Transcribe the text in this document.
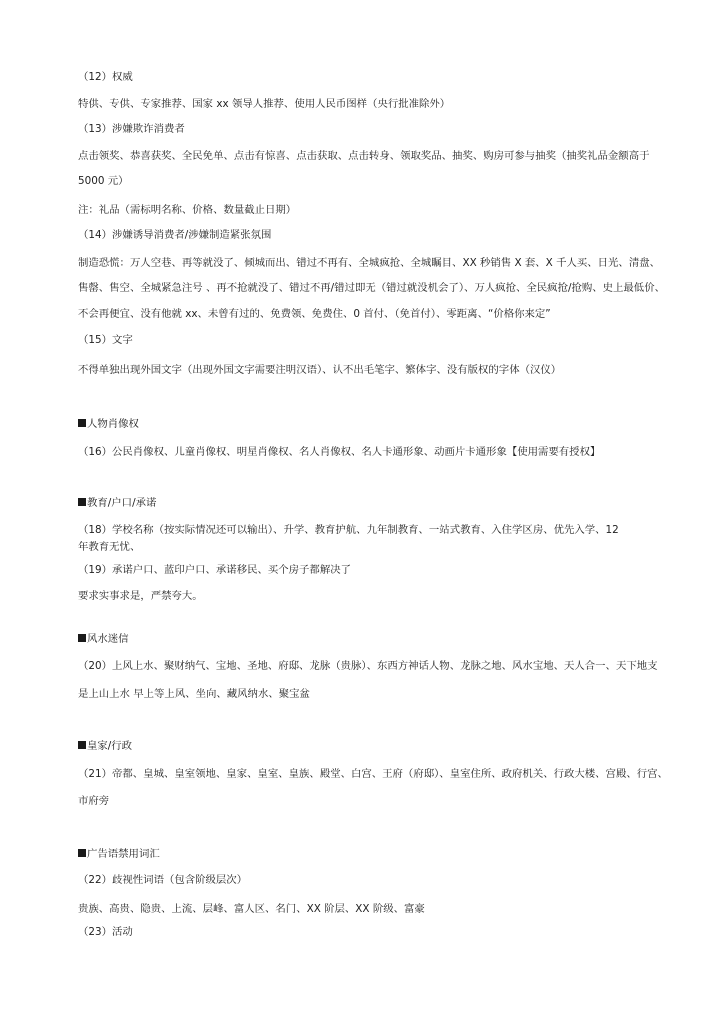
（12）权威
特供、专供、专家推荐、国家 xx 领导人推荐、使用人民币图样（央行批准除外）
（13）涉嫌欺诈消费者
点击领奖、恭喜获奖、全民免单、点击有惊喜、点击获取、点击转身、领取奖品、抽奖、购房可参与抽奖（抽奖礼品金额高于
5000 元）
注：礼品（需标明名称、价格、数量截止日期）
（14）涉嫌诱导消费者/涉嫌制造紧张氛围
制造恐慌：万人空巷、再等就没了、倾城而出、错过不再有、全城疯抢、全城瞩目、XX 秒销售 X 套、X 千人买、日光、清盘、
售罄、售空、全城紧急注号 、再不抢就没了、错过不再/错过即无（错过就没机会了）、万人疯抢、全民疯抢/抢购、史上最低价、
不会再便宜、没有他就 xx、未曾有过的、免费领、免费住、0 首付、（免首付）、零距离、“价格你来定”
（15）文字
不得单独出现外国文字（出现外国文字需要注明汉语）、认不出毛笔字、繁体字、没有版权的字体（汉仪）
人物肖像权
（16）公民肖像权、儿童肖像权、明星肖像权、名人肖像权、名人卡通形象、动画片卡通形象【使用需要有授权】
教育/户口/承诺
（18）学校名称（按实际情况还可以输出）、升学、教育护航、九年制教育、一站式教育、入住学区房、优先入学、12
年教育无忧、
（19）承诺户口、蓝印户口、承诺移民、买个房子都解决了
要求实事求是，严禁夸大。
风水迷信
（20）上风上水、聚财纳气、宝地、圣地、府邸、龙脉（贵脉）、东西方神话人物、龙脉之地、风水宝地、天人合一、天下地支
是上山上水 早上等上风、坐向、藏风纳水、聚宝盆
皇家/行政
（21）帝都、皇城、皇室领地、皇家、皇室、皇族、殿堂、白宫、王府（府邸）、皇室住所、政府机关、行政大楼、宫殿、行宫、
市府旁
广告语禁用词汇
（22）歧视性词语（包含阶级层次）
贵族、高贵、隐贵、上流、层峰、富人区、名门、XX 阶层、XX 阶级、富豪
（23）活动
